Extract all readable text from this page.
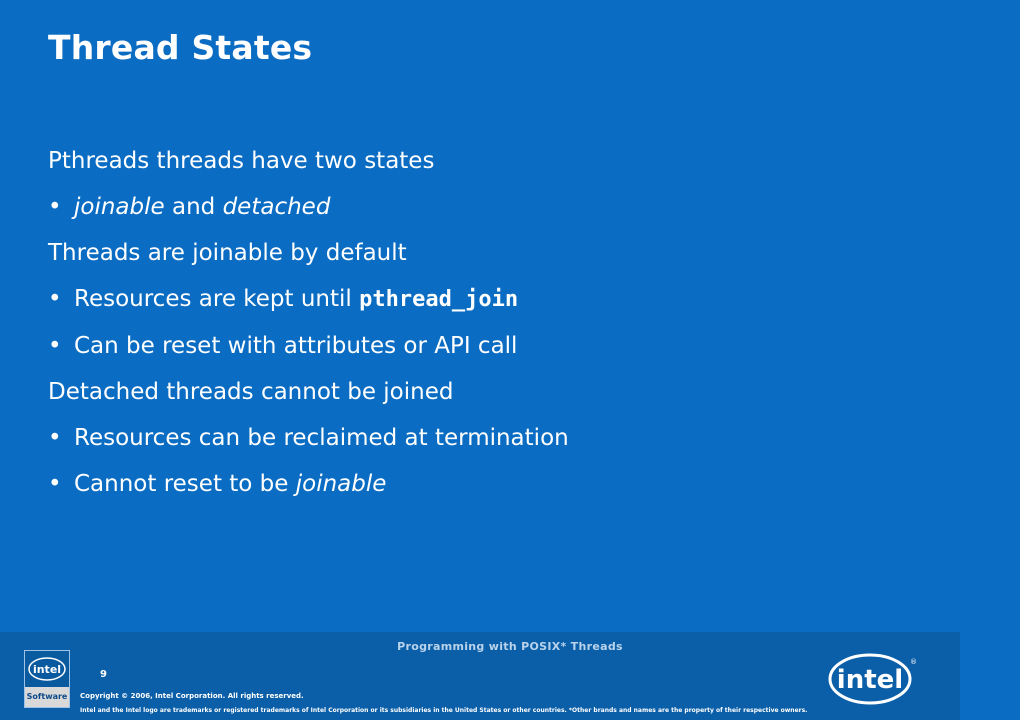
Thread States

Pthreads threads have two states

• joinable and detached

Threads are joinable by default

• Resources are kept until pthread_join
• Can be reset with attributes or API call

Detached threads cannot be joined

• Resources can be reclaimed at termination
• Cannot reset to be joinable
Programming with POSIX* Threads
intel
Software
9
Copyright © 2006, Intel Corporation. All rights reserved.
Intel and the Intel logo are trademarks or registered trademarks of Intel Corporation or its subsidiaries in the United States or other countries. *Other brands and names are the property of their respective owners.
intel
®
